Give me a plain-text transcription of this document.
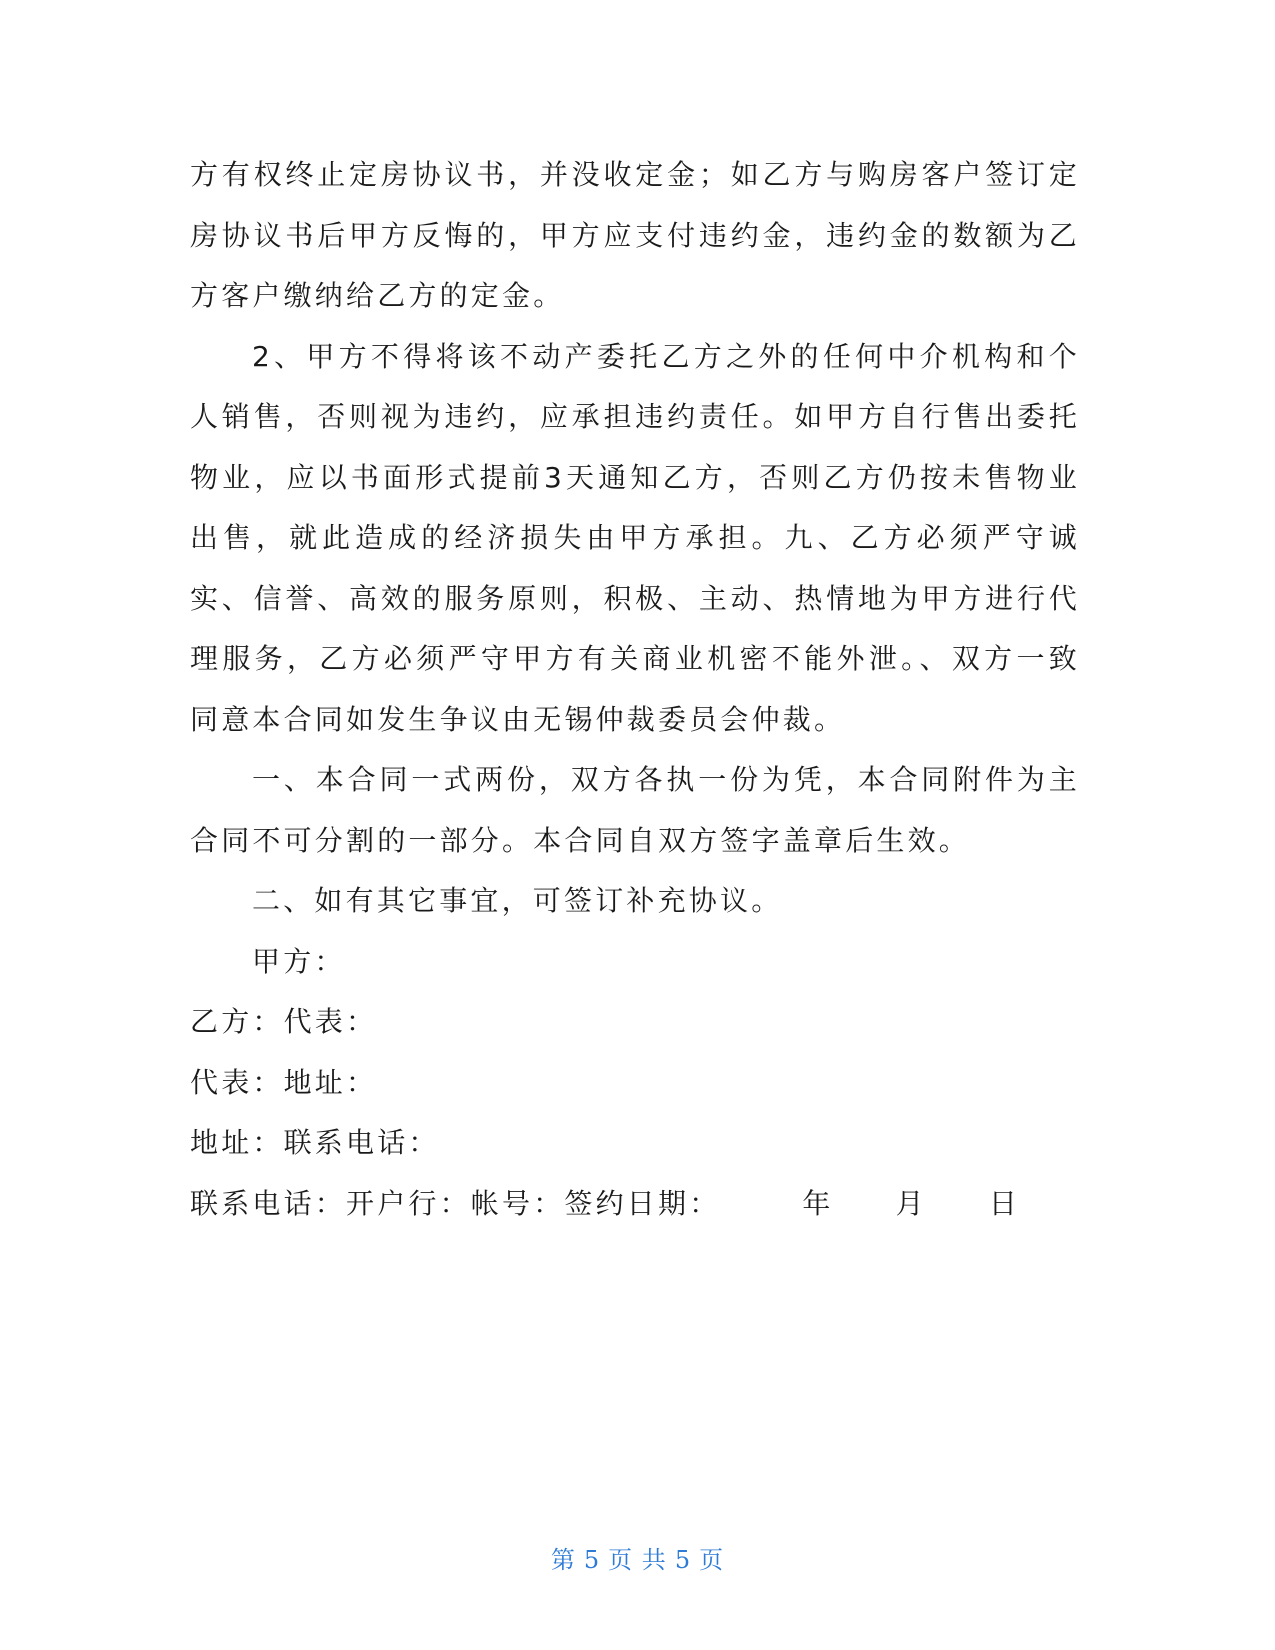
方有权终止定房协议书，并没收定金；如乙方与购房客户签订定房协议书后甲方反悔的，甲方应支付违约金，违约金的数额为乙方客户缴纳给乙方的定金。

2、甲方不得将该不动产委托乙方之外的任何中介机构和个人销售，否则视为违约，应承担违约责任。如甲方自行售出委托物业，应以书面形式提前3天通知乙方，否则乙方仍按未售物业出售，就此造成的经济损失由甲方承担。九、乙方必须严守诚实、信誉、高效的服务原则，积极、主动、热情地为甲方进行代理服务，乙方必须严守甲方有关商业机密不能外泄。、双方一致同意本合同如发生争议由无锡仲裁委员会仲裁。

一、本合同一式两份，双方各执一份为凭，本合同附件为主合同不可分割的一部分。本合同自双方签字盖章后生效。

二、如有其它事宜，可签订补充协议。

甲方：

乙方：代表：

代表：地址：

地址：联系电话：

联系电话：开户行：帐号：签约日期：	年 月 日

第 5 页 共 5 页
